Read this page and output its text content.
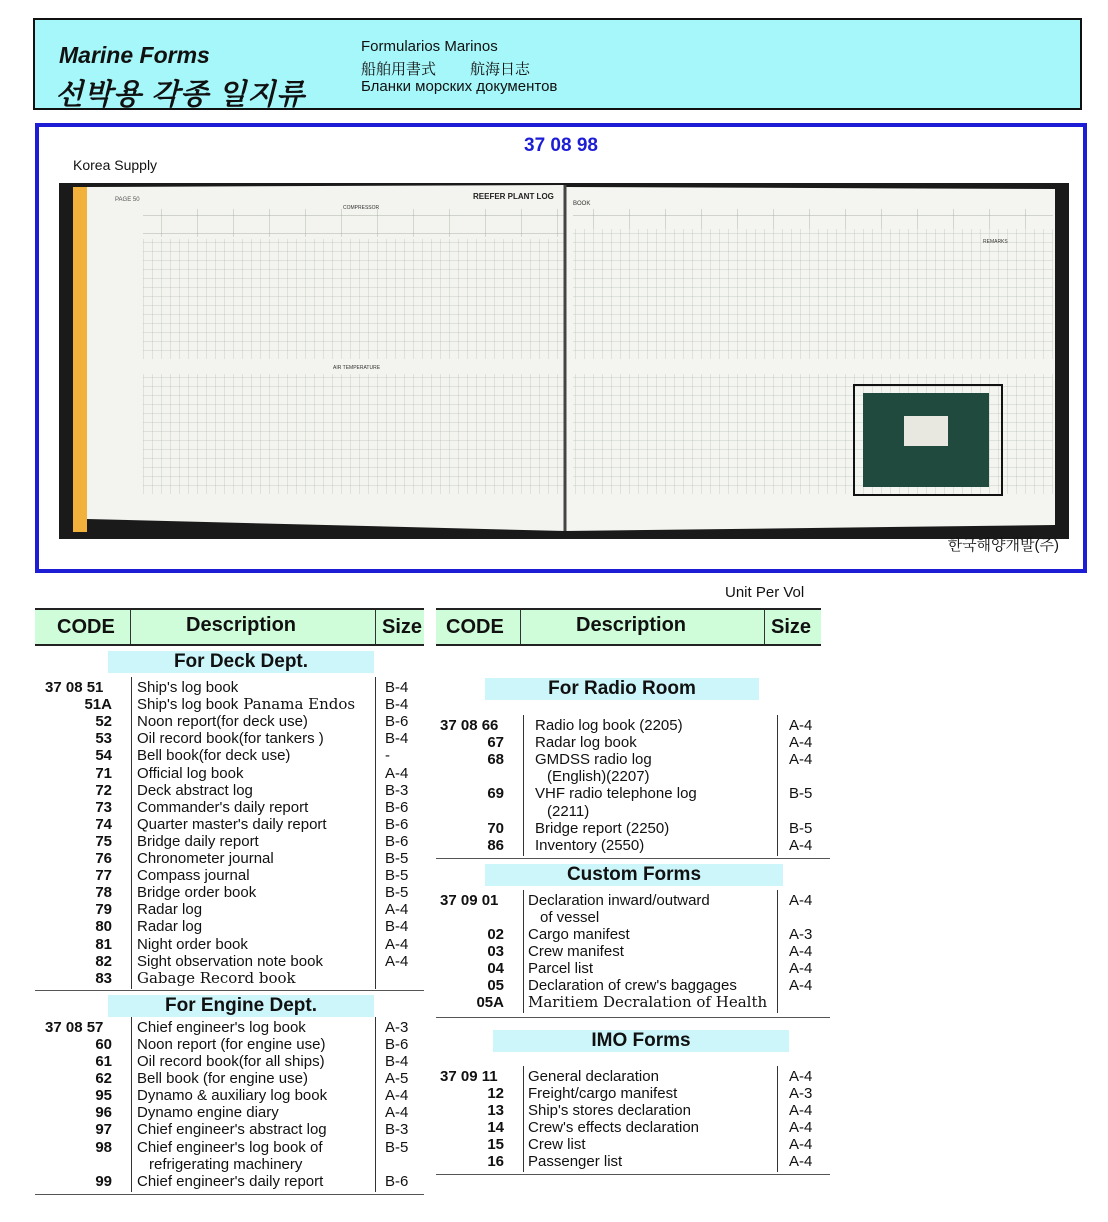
Marine Forms
선박용 각종 일지류
Formularios Marinos
船舶用書式 航海日志
Бланки морских документов
37 08 98
Korea Supply
PAGE 50	REEFER PLANT LOG
COMPRESSOR
AIR TEMPERATURE
BOOK
REMARKS
한국해양개발(주)
Unit Per Vol
CODE	Description	Size CODE	Description	Size
For Deck Dept.
37 08 51	Ship's log book	B-4
51A Ship's log book Panama Endos B-4
52 Noon report(for deck use)	B-6
53 Oil record book(for tankers )	B-4
54 Bell book(for deck use)	-
71 Official log book	A-4
72 Deck abstract log	B-3
73 Commander's daily report	B-6
74 Quarter master's daily report	B-6
75 Bridge daily report	B-6
76 Chronometer journal	B-5
77 Compass journal	B-5
78 Bridge order book	B-5
79 Radar log	A-4
80 Radar log	B-4
81 Night order book	A-4
82 Sight observation note book	A-4
83 Gabage Record book
For Engine Dept.
37 08 57	Chief engineer's log book	A-3
60 Noon report (for engine use)	B-6
61 Oil record book(for all ships)	B-4
62 Bell book (for engine use)	A-5
95 Dynamo & auxiliary log book	A-4
96 Dynamo engine diary	A-4
97 Chief engineer's abstract log	B-3
98 Chief engineer's log book of	B-5
refrigerating machinery
99 Chief engineer's daily report	B-6
For Radio Room
37 08 66	Radio log book (2205)	A-4
67 Radar log book	A-4
68 GMDSS radio log	A-4
(English)(2207)
69 VHF radio telephone log	B-5
(2211)
70 Bridge report (2250)	B-5
86 Inventory (2550)	A-4
Custom Forms
37 09 01	Declaration inward/outward	A-4
of vessel
02 Cargo manifest	A-3
03 Crew manifest	A-4
04 Parcel list	A-4
05 Declaration of crew's baggages	A-4
05A Maritiem Decralation of Health
IMO Forms
37 09 11	General declaration	A-4
12 Freight/cargo manifest	A-3
13 Ship's stores declaration	A-4
14 Crew's effects declaration	A-4
15 Crew list	A-4
16 Passenger list	A-4
